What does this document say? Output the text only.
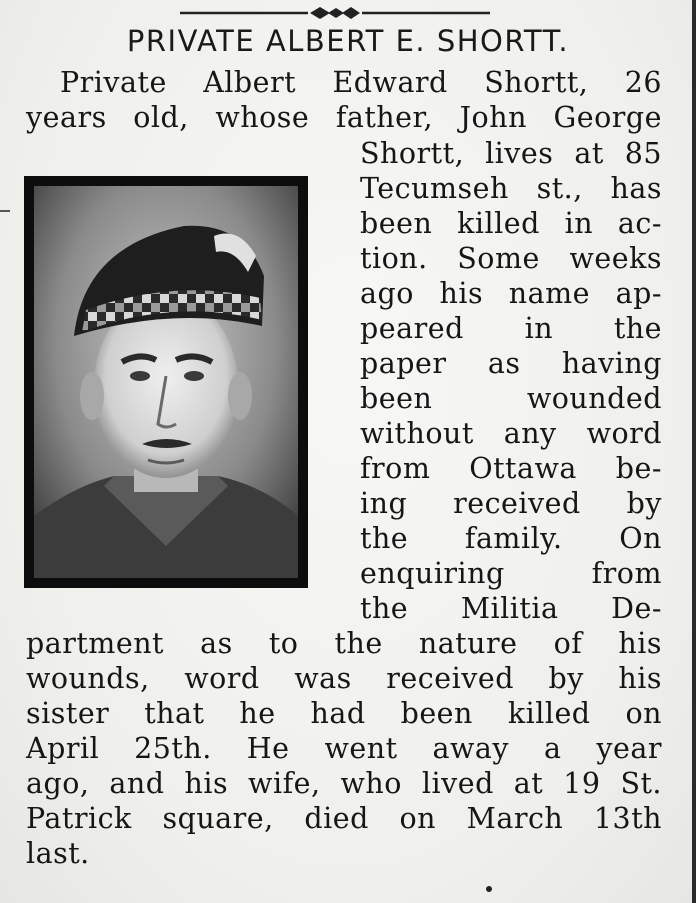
PRIVATE ALBERT E. SHORTT.
Private Albert Edward Shortt, 26
years old, whose father, John George
Shortt, lives at 85
Tecumseh st., has
been killed in ac-
tion. Some weeks
ago his name ap-
peared in the
paper as having
been wounded
without any word
from Ottawa be-
ing received by
the family. On
enquiring from
the Militia De-
partment as to the nature of his
wounds, word was received by his
sister that he had been killed on
April 25th. He went away a year
ago, and his wife, who lived at 19 St.
Patrick square, died on March 13th
last.
